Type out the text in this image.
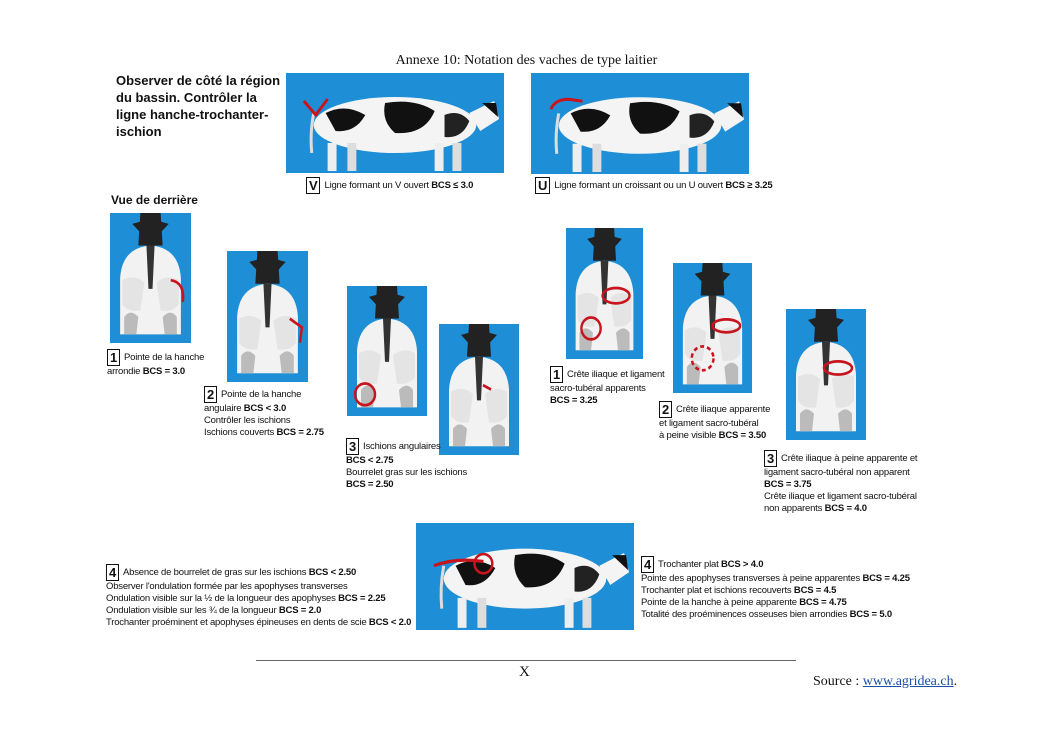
Annexe 10: Notation des vaches de type laitier
Observer de côté la région
du bassin. Contrôler la
ligne hanche-trochanter-
ischion
V Ligne formant un V ouvert BCS ≤ 3.0	U Ligne formant un croissant ou un U ouvert BCS ≥ 3.25
Vue de derrière
1 Pointe de la hanche
arrondie BCS = 3.0
2 Pointe de la hanche
angulaire BCS < 3.0
Contrôler les ischions
Ischions couverts BCS = 2.75
3 Ischions angulaires
BCS < 2.75
Bourrelet gras sur les ischions
BCS = 2.50
1 Crête iliaque et ligament
sacro-tubéral apparents
BCS = 3.25
2 Crête iliaque apparente
et ligament sacro-tubéral
à peine visible BCS = 3.50
3 Crête iliaque à peine apparente et
ligament sacro-tubéral non apparent
BCS = 3.75
Crête iliaque et ligament sacro-tubéral
non apparents BCS = 4.0
4 Absence de bourrelet de gras sur les ischions BCS < 2.50
Observer l'ondulation formée par les apophyses transverses
Ondulation visible sur la ½ de la longueur des apophyses BCS = 2.25
Ondulation visible sur les ¾ de la longueur BCS = 2.0
Trochanter proéminent et apophyses épineuses en dents de scie BCS < 2.0
4 Trochanter plat BCS > 4.0
Pointe des apophyses transverses à peine apparentes BCS = 4.25
Trochanter plat et ischions recouverts BCS = 4.5
Pointe de la hanche à peine apparente BCS = 4.75
Totalité des proéminences osseuses bien arrondies BCS = 5.0
X
Source : www.agridea.ch.
